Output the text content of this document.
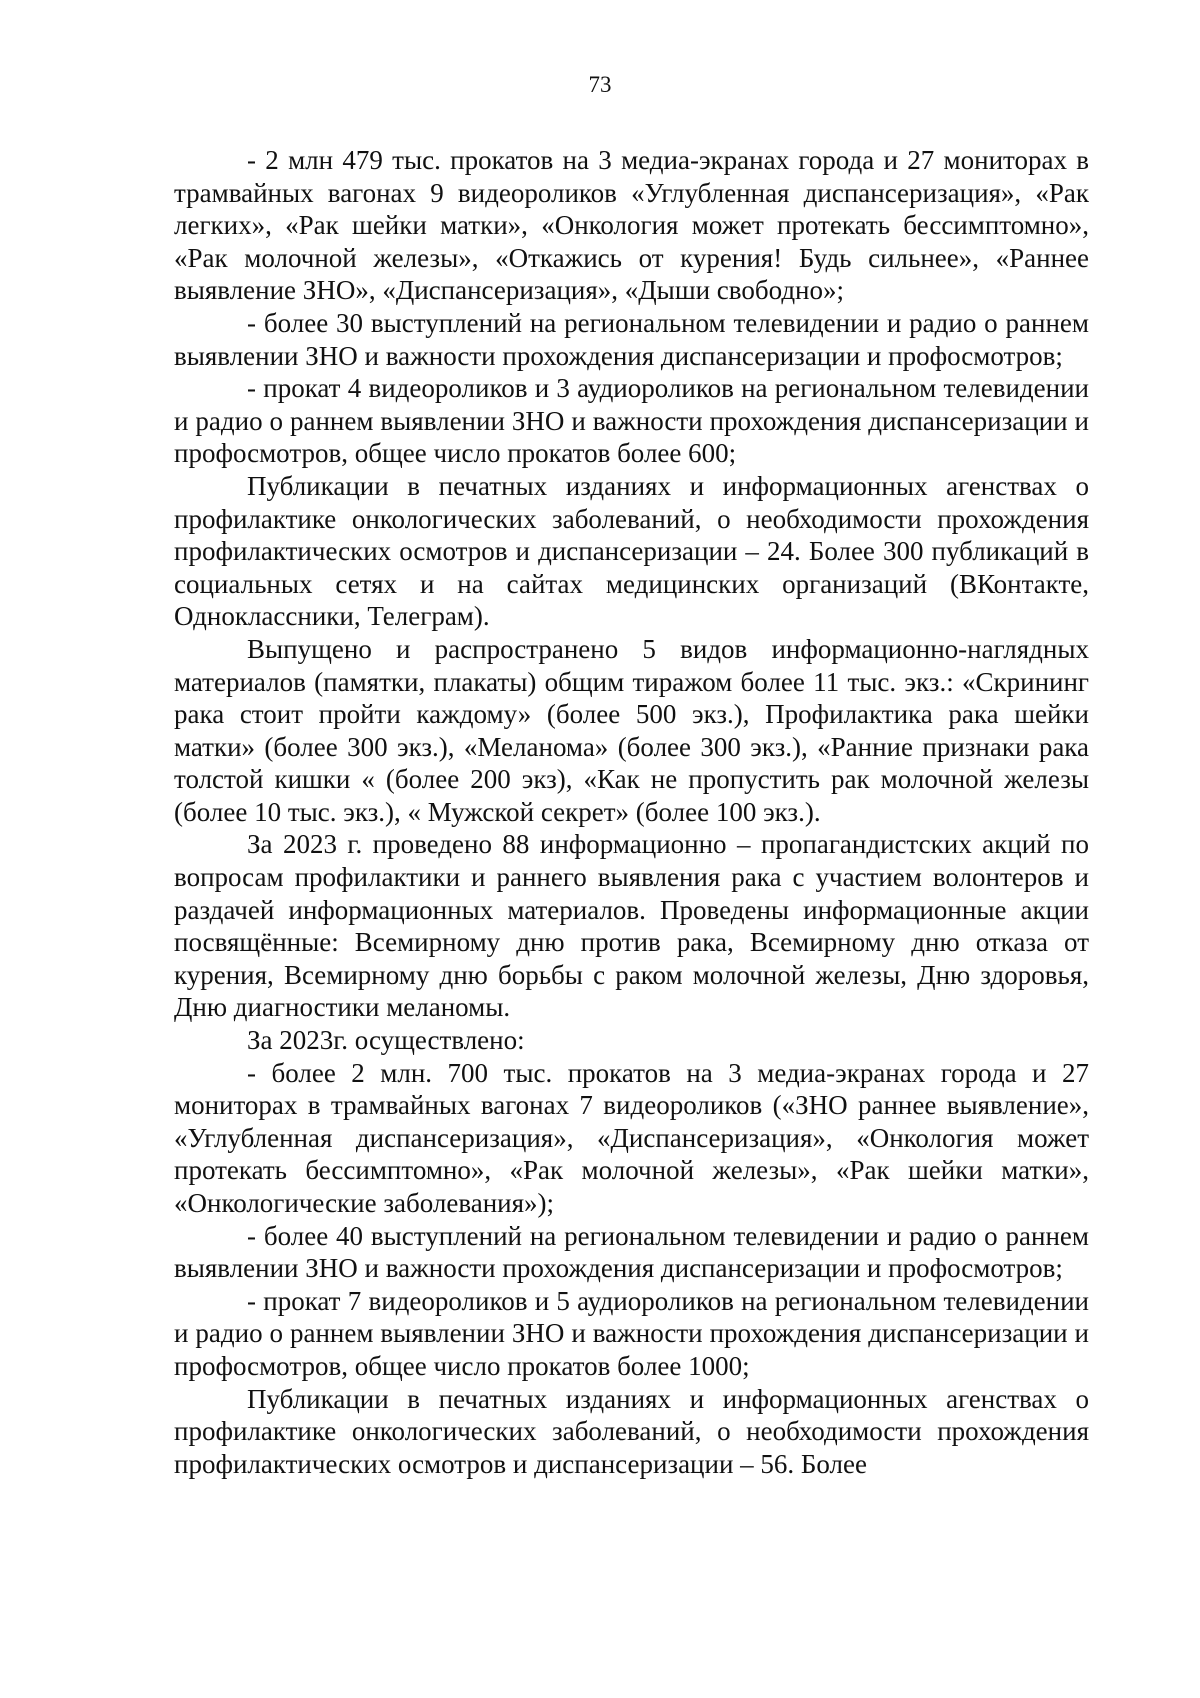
73

- 2 млн 479 тыс. прокатов на 3 медиа-экранах города и 27 мониторах в трамвайных вагонах 9 видеороликов «Углубленная диспансеризация», «Рак легких», «Рак шейки матки», «Онкология может протекать бессимптомно», «Рак молочной железы», «Откажись от курения! Будь сильнее», «Раннее выявление ЗНО», «Диспансеризация», «Дыши свободно»;

- более 30 выступлений на региональном телевидении и радио о раннем выявлении ЗНО и важности прохождения диспансеризации и профосмотров;

- прокат 4 видеороликов и 3 аудиороликов на региональном телевидении и радио о раннем выявлении ЗНО и важности прохождения диспансеризации и профосмотров, общее число прокатов более 600;

Публикации в печатных изданиях и информационных агенствах о профилактике онкологических заболеваний, о необходимости прохождения профилактических осмотров и диспансеризации – 24. Более 300 публикаций в социальных сетях и на сайтах медицинских организаций (ВКонтакте, Одноклассники, Телеграм).

Выпущено и распространено 5 видов информационно-наглядных материалов (памятки, плакаты) общим тиражом более 11 тыс. экз.: «Скрининг рака стоит пройти каждому» (более 500 экз.), Профилактика рака шейки матки» (более 300 экз.), «Меланома» (более 300 экз.), «Ранние признаки рака толстой кишки « (более 200 экз), «Как не пропустить рак молочной железы (более 10 тыс. экз.), « Мужской секрет» (более 100 экз.).

За 2023 г. проведено 88 информационно – пропагандистских акций по вопросам профилактики и раннего выявления рака с участием волонтеров и раздачей информационных материалов. Проведены информационные акции посвящённые: Всемирному дню против рака, Всемирному дню отказа от курения, Всемирному дню борьбы с раком молочной железы, Дню здоровья, Дню диагностики меланомы.

За 2023г. осуществлено:

- более 2 млн. 700 тыс. прокатов на 3 медиа-экранах города и 27 мониторах в трамвайных вагонах 7 видеороликов («ЗНО раннее выявление», «Углубленная диспансеризация», «Диспансеризация», «Онкология может протекать бессимптомно», «Рак молочной железы», «Рак шейки матки», «Онкологические заболевания»);

- более 40 выступлений на региональном телевидении и радио о раннем выявлении ЗНО и важности прохождения диспансеризации и профосмотров;

- прокат 7 видеороликов и 5 аудиороликов на региональном телевидении и радио о раннем выявлении ЗНО и важности прохождения диспансеризации и профосмотров, общее число прокатов более 1000;

Публикации в печатных изданиях и информационных агенствах о профилактике онкологических заболеваний, о необходимости прохождения профилактических осмотров и диспансеризации – 56. Более
